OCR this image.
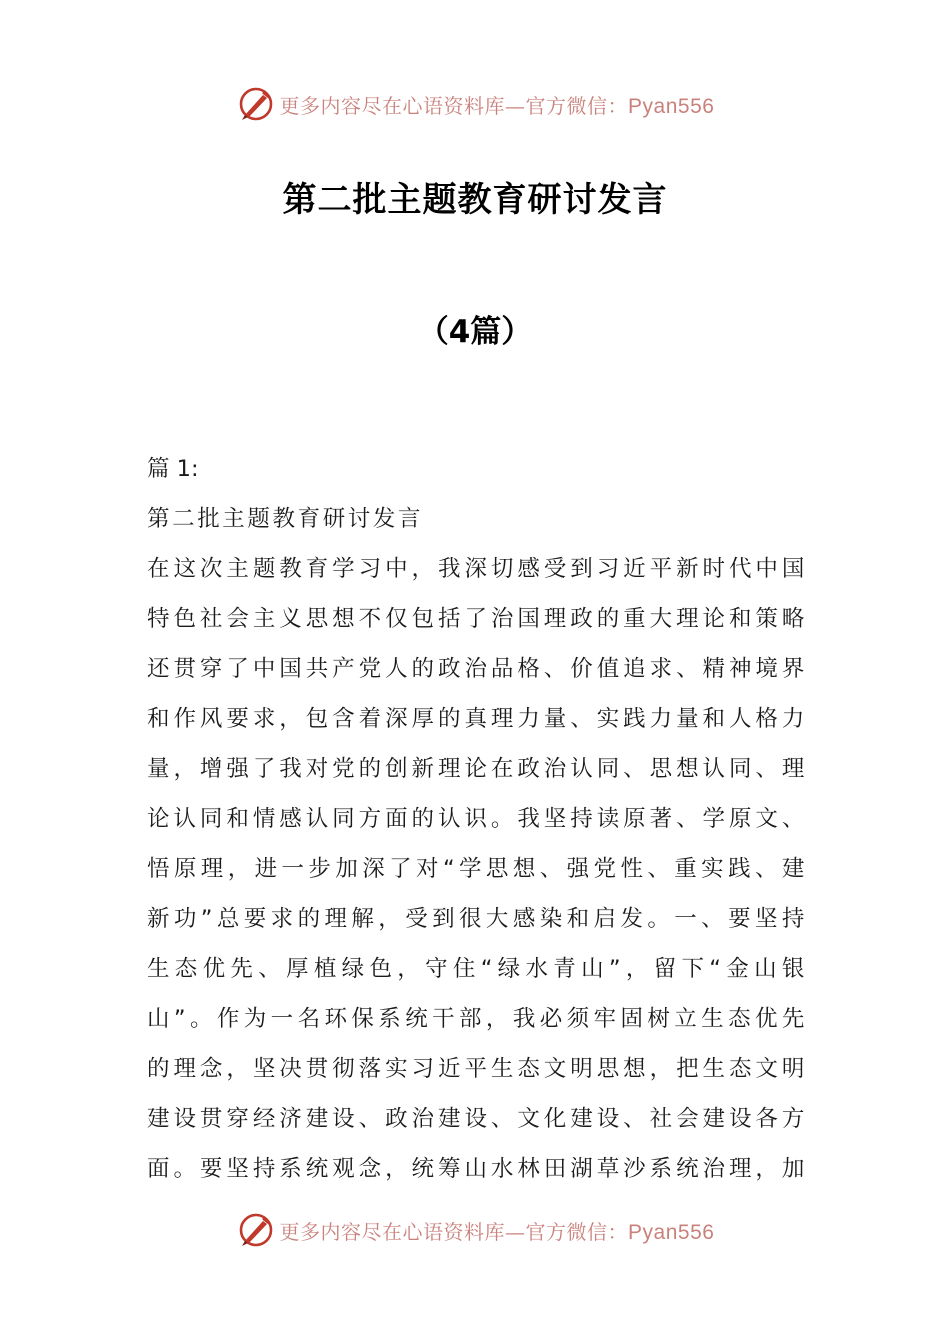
更多内容尽在心语资料库—官方微信：Pyan556
第二批主题教育研讨发言
（4篇）
篇 1:
第二批主题教育研讨发言
在这次主题教育学习中，我深切感受到习近平新时代中国
特色社会主义思想不仅包括了治国理政的重大理论和策略
还贯穿了中国共产党人的政治品格、价值追求、精神境界
和作风要求，包含着深厚的真理力量、实践力量和人格力
量，增强了我对党的创新理论在政治认同、思想认同、理
论认同和情感认同方面的认识。我坚持读原著、学原文、
悟原理，进一步加深了对“学思想、强党性、重实践、建
新功”总要求的理解，受到很大感染和启发。一、要坚持
生态优先、厚植绿色，守住“绿水青山”，留下“金山银
山”。作为一名环保系统干部，我必须牢固树立生态优先
的理念，坚决贯彻落实习近平生态文明思想，把生态文明
建设贯穿经济建设、政治建设、文化建设、社会建设各方
面。要坚持系统观念，统筹山水林田湖草沙系统治理，加
更多内容尽在心语资料库—官方微信：Pyan556
